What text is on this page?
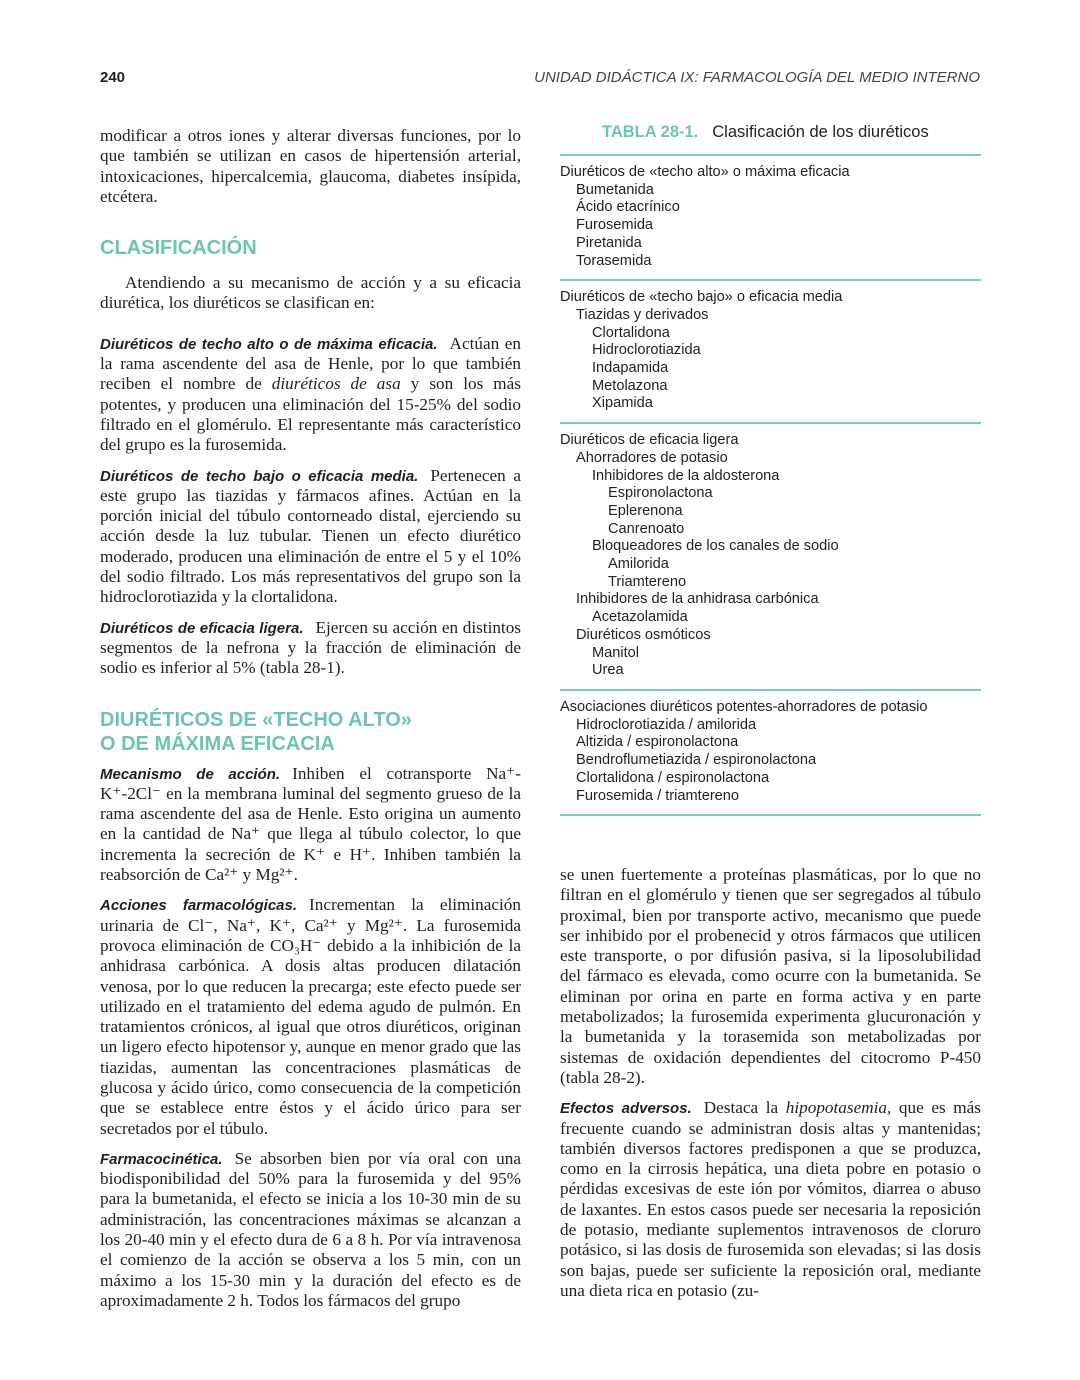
240	UNIDAD DIDÁCTICA IX: FARMACOLOGÍA DEL MEDIO INTERNO

modificar a otros iones y alterar diversas funciones, por lo que también se utilizan en casos de hipertensión arterial, intoxicaciones, hipercalcemia, glaucoma, diabetes insípida, etcétera.

CLASIFICACIÓN

Atendiendo a su mecanismo de acción y a su eficacia diurética, los diuréticos se clasifican en:

Diuréticos de techo alto o de máxima eficacia. Actúan en la rama ascendente del asa de Henle, por lo que también reciben el nombre de diuréticos de asa y son los más potentes, y producen una eliminación del 15-25% del sodio filtrado en el glomérulo. El representante más característico del grupo es la furosemida.

Diuréticos de techo bajo o eficacia media. Pertenecen a este grupo las tiazidas y fármacos afines. Actúan en la porción inicial del túbulo contorneado distal, ejerciendo su acción desde la luz tubular. Tienen un efecto diurético moderado, producen una eliminación de entre el 5 y el 10% del sodio filtrado. Los más representativos del grupo son la hidroclorotiazida y la clortalidona.

Diuréticos de eficacia ligera. Ejercen su acción en distintos segmentos de la nefrona y la fracción de eliminación de sodio es inferior al 5% (tabla 28-1).

DIURÉTICOS DE «TECHO ALTO»
O DE MÁXIMA EFICACIA

Mecanismo de acción. Inhiben el cotransporte Na⁺-K⁺-2Cl⁻ en la membrana luminal del segmento grueso de la rama ascendente del asa de Henle. Esto origina un aumento en la cantidad de Na⁺ que llega al túbulo colector, lo que incrementa la secreción de K⁺ e H⁺. Inhiben también la reabsorción de Ca²⁺ y Mg²⁺.

Acciones farmacológicas. Incrementan la eliminación urinaria de Cl⁻, Na⁺, K⁺, Ca²⁺ y Mg²⁺. La furosemida provoca eliminación de CO₃H⁻ debido a la inhibición de la anhidrasa carbónica. A dosis altas producen dilatación venosa, por lo que reducen la precarga; este efecto puede ser utilizado en el tratamiento del edema agudo de pulmón. En tratamientos crónicos, al igual que otros diuréticos, originan un ligero efecto hipotensor y, aunque en menor grado que las tiazidas, aumentan las concentraciones plasmáticas de glucosa y ácido úrico, como consecuencia de la competición que se establece entre éstos y el ácido úrico para ser secretados por el túbulo.

Farmacocinética. Se absorben bien por vía oral con una biodisponibilidad del 50% para la furosemida y del 95% para la bumetanida, el efecto se inicia a los 10-30 min de su administración, las concentraciones máximas se alcanzan a los 20-40 min y el efecto dura de 6 a 8 h. Por vía intravenosa el comienzo de la acción se observa a los 5 min, con un máximo a los 15-30 min y la duración del efecto es de aproximadamente 2 h. Todos los fármacos del grupo

TABLA 28-1. Clasificación de los diuréticos
Diuréticos de «techo alto» o máxima eficacia
Bumetanida
Ácido etacrínico
Furosemida
Piretanida
Torasemida
Diuréticos de «techo bajo» o eficacia media
Tiazidas y derivados
Clortalidona
Hidroclorotiazida
Indapamida
Metolazona
Xipamida
Diuréticos de eficacia ligera
Ahorradores de potasio
Inhibidores de la aldosterona
Espironolactona
Eplerenona
Canrenoato
Bloqueadores de los canales de sodio
Amilorida
Triamtereno
Inhibidores de la anhidrasa carbónica
Acetazolamida
Diuréticos osmóticos
Manitol
Urea
Asociaciones diuréticos potentes-ahorradores de potasio
Hidroclorotiazida / amilorida
Altizida / espironolactona
Bendroflumetiazida / espironolactona
Clortalidona / espironolactona
Furosemida / triamtereno

se unen fuertemente a proteínas plasmáticas, por lo que no filtran en el glomérulo y tienen que ser segregados al túbulo proximal, bien por transporte activo, mecanismo que puede ser inhibido por el probenecid y otros fármacos que utilicen este transporte, o por difusión pasiva, si la liposolubilidad del fármaco es elevada, como ocurre con la bumetanida. Se eliminan por orina en parte en forma activa y en parte metabolizados; la furosemida experimenta glucuronación y la bumetanida y la torasemida son metabolizadas por sistemas de oxidación dependientes del citocromo P-450 (tabla 28-2).

Efectos adversos. Destaca la hipopotasemia, que es más frecuente cuando se administran dosis altas y mantenidas; también diversos factores predisponen a que se produzca, como en la cirrosis hepática, una dieta pobre en potasio o pérdidas excesivas de este ión por vómitos, diarrea o abuso de laxantes. En estos casos puede ser necesaria la reposición de potasio, mediante suplementos intravenosos de cloruro potásico, si las dosis de furosemida son elevadas; si las dosis son bajas, puede ser suficiente la reposición oral, mediante una dieta rica en potasio (zu-
